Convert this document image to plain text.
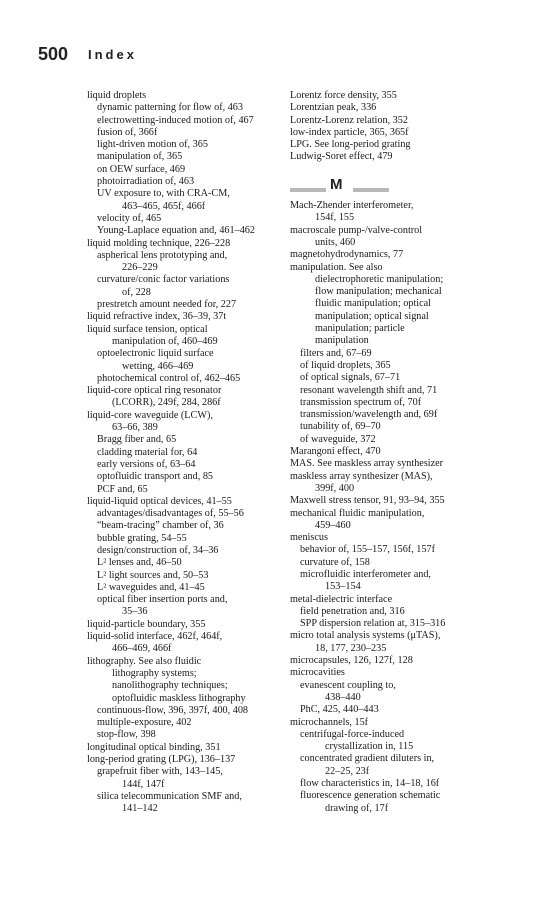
500 Index
liquid droplets
dynamic patterning for flow of, 463
electrowetting-induced motion of, 467
fusion of, 366f
light-driven motion of, 365
manipulation of, 365
on OEW surface, 469
photoirradiation of, 463
UV exposure to, with CRA-CM,
463–465, 465f, 466f
velocity of, 465
Young-Laplace equation and, 461–462
liquid molding technique, 226–228
aspherical lens prototyping and,
226–229
curvature/conic factor variations
of, 228
prestretch amount needed for, 227
liquid refractive index, 36–39, 37t
liquid surface tension, optical
manipulation of, 460–469
optoelectronic liquid surface
wetting, 466–469
photochemical control of, 462–465
liquid-core optical ring resonator
(LCORR), 249f, 284, 286f
liquid-core waveguide (LCW),
63–66, 389
Bragg fiber and, 65
cladding material for, 64
early versions of, 63–64
optofluidic transport and, 85
PCF and, 65
liquid-liquid optical devices, 41–55
advantages/disadvantages of, 55–56
“beam-tracing” chamber of, 36
bubble grating, 54–55
design/construction of, 34–36
L² lenses and, 46–50
L² light sources and, 50–53
L² waveguides and, 41–45
optical fiber insertion ports and,
35–36
liquid-particle boundary, 355
liquid-solid interface, 462f, 464f,
466–469, 466f
lithography. See also fluidic
lithography systems;
nanolithography techniques;
optofluidic maskless lithography
continuous-flow, 396, 397f, 400, 408
multiple-exposure, 402
stop-flow, 398
longitudinal optical binding, 351
long-period grating (LPG), 136–137
grapefruit fiber with, 143–145,
144f, 147f
silica telecommunication SMF and,
141–142
Lorentz force density, 355
Lorentzian peak, 336
Lorentz-Lorenz relation, 352
low-index particle, 365, 365f
LPG. See long-period grating
Ludwig-Soret effect, 479
M
Mach-Zhender interferometer,
154f, 155
macroscale pump-/valve-control
units, 460
magnetohydrodynamics, 77
manipulation. See also
dielectrophoretic manipulation;
flow manipulation; mechanical
fluidic manipulation; optical
manipulation; optical signal
manipulation; particle
manipulation
filters and, 67–69
of liquid droplets, 365
of optical signals, 67–71
resonant wavelength shift and, 71
transmission spectrum of, 70f
transmission/wavelength and, 69f
tunability of, 69–70
of waveguide, 372
Marangoni effect, 470
MAS. See maskless array synthesizer
maskless array synthesizer (MAS),
399f, 400
Maxwell stress tensor, 91, 93–94, 355
mechanical fluidic manipulation,
459–460
meniscus
behavior of, 155–157, 156f, 157f
curvature of, 158
microfluidic interferometer and,
153–154
metal-dielectric interface
field penetration and, 316
SPP dispersion relation at, 315–316
micro total analysis systems (μTAS),
18, 177, 230–235
microcapsules, 126, 127f, 128
microcavities
evanescent coupling to,
438–440
PhC, 425, 440–443
microchannels, 15f
centrifugal-force-induced
crystallization in, 115
concentrated gradient diluters in,
22–25, 23f
flow characteristics in, 14–18, 16f
fluorescence generation schematic
drawing of, 17f
